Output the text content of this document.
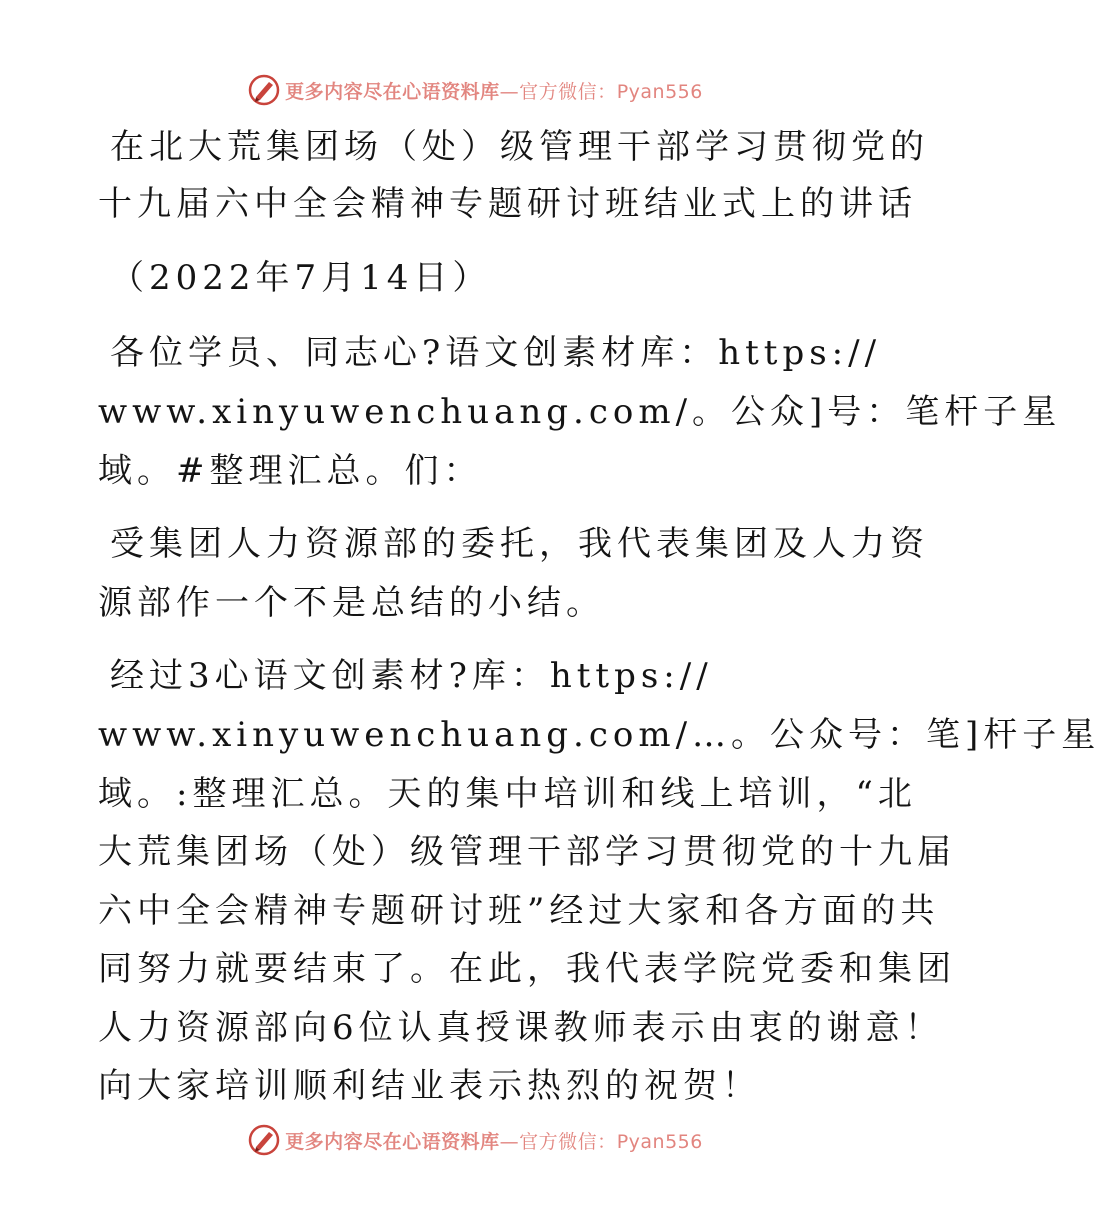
更多内容尽在心语资料库—官方微信：Pyan556
在北大荒集团场（处）级管理干部学习贯彻党的
十九届六中全会精神专题研讨班结业式上的讲话
（2022年7月14日）
各位学员、同志心?语文创素材库：https://
www.xinyuwenchuang.com/。公众]号：笔杆子星
域。#整理汇总。们：
受集团人力资源部的委托，我代表集团及人力资
源部作一个不是总结的小结。
经过3心语文创素材?库：https://
www.xinyuwenchuang.com/…。公众号：笔]杆子星
域。:整理汇总。天的集中培训和线上培训，“北
大荒集团场（处）级管理干部学习贯彻党的十九届
六中全会精神专题研讨班”经过大家和各方面的共
同努力就要结束了。在此，我代表学院党委和集团
人力资源部向6位认真授课教师表示由衷的谢意！
向大家培训顺利结业表示热烈的祝贺！
更多内容尽在心语资料库—官方微信：Pyan556
